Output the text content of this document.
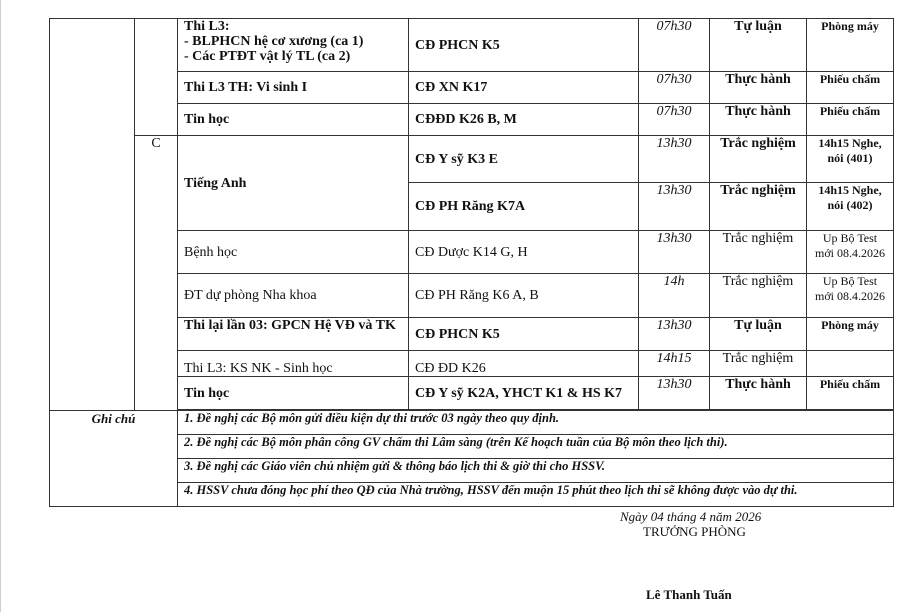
		Thi L3:
- BLPHCN hệ cơ xương (ca 1)
- Các PTĐT vật lý TL (ca 2)	CĐ PHCN K5	07h30	Tự luận	Phòng máy
		Thi L3 TH: Vi sinh I	CĐ XN K17	07h30	Thực hành	Phiếu chấm
		Tin học	CĐĐD K26 B, M	07h30	Thực hành	Phiếu chấm
	C	Tiếng Anh	CĐ Y sỹ K3 E	13h30	Trắc nghiệm	14h15 Nghe, nói (401)
			CĐ PH Răng K7A	13h30	Trắc nghiệm	14h15 Nghe, nói (402)
		Bệnh học	CĐ Dược K14 G, H	13h30	Trắc nghiệm	Up Bộ Test mới 08.4.2026
		ĐT dự phòng Nha khoa	CĐ PH Răng K6 A, B	14h	Trắc nghiệm	Up Bộ Test mới 08.4.2026
		Thi lại lần 03: GPCN Hệ VĐ và TK	CĐ PHCN K5	13h30	Tự luận	Phòng máy
		Thi L3: KS NK - Sinh học	CĐ ĐD K26	14h15	Trắc nghiệm	
		Tin học	CĐ Y sỹ K2A, YHCT K1 & HS K7	13h30	Thực hành	Phiếu chấm

Ghi chú		1. Đề nghị các Bộ môn gửi điều kiện dự thi trước 03 ngày theo quy định.				
		2. Đề nghị các Bộ môn phân công GV chấm thi Lâm sàng (trên Kế hoạch tuần của Bộ môn theo lịch thi).				
		3. Đề nghị các Giáo viên chủ nhiệm gửi & thông báo lịch thi & giờ thi cho HSSV.				
		4. HSSV chưa đóng học phí theo QĐ của Nhà trường, HSSV đến muộn 15 phút theo lịch thi sẽ không được vào dự thi.				
Ngày 04 tháng 4 năm 2026
TRƯỞNG PHÒNG
Lê Thanh Tuấn
